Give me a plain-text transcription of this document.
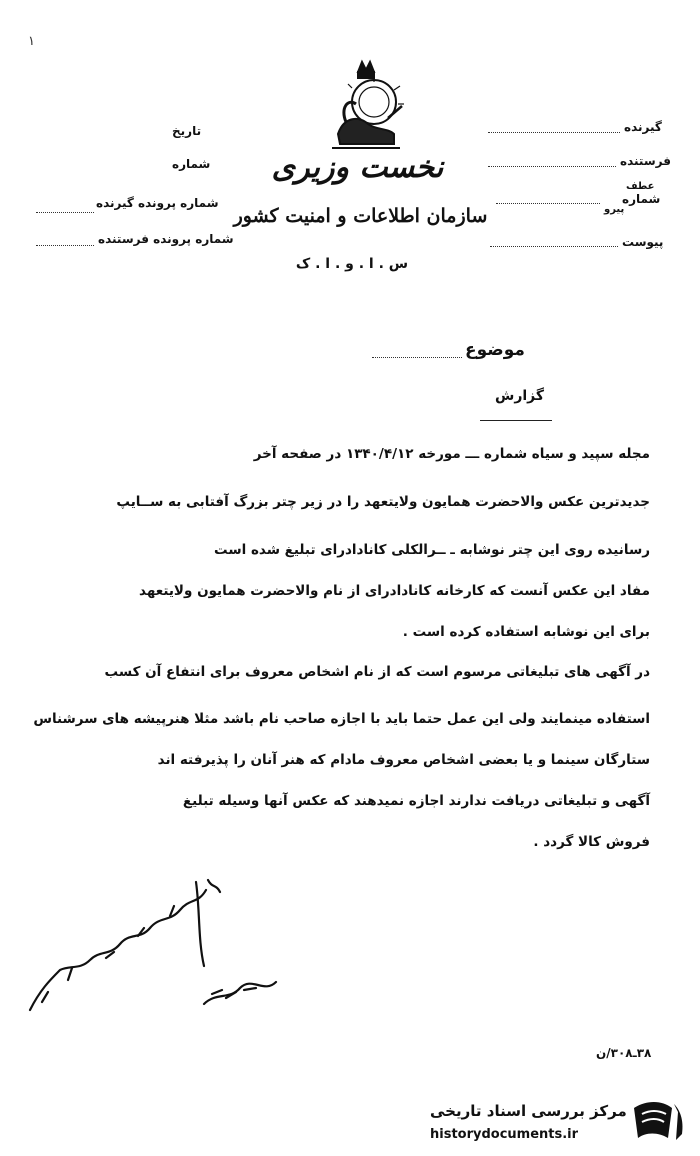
۱
نخست وزیری
سازمان اطلاعات و امنیت کشور
س . ا . و . ا . ک
تاریخ
شماره
شماره پرونده گیرنده
شماره پرونده فرستنده
گیرنده
فرستنده
عطف
شماره
پیرو
پیوست
موضوع
گزارش
مجله سپید و سیاه شماره ـــ مورخه ۱۳۴۰/۴/۱۲ در صفحه آخر
جدیدترین عکس والاحضرت همایون ولایتعهد را در زیر چتر بزرگ آفتابی به ســایپ
رسانیده روی این چتر نوشابه ـ ــرالکلی کانادادرای تبلیغ شده است
مفاد این عکس آنست که کارخانه کانادادرای از نام والاحضرت همایون ولایتعهد
برای این نوشابه استفاده کرده است .
در آگهی های تبلیغاتی مرسوم است که از نام اشخاص معروف برای انتفاع آن کسب
استفاده مینمایند ولی این عمل حتما باید با اجازه صاحب نام باشد مثلا هنرپیشه های سرشناس
ستارگان سینما و یا بعضی اشخاص معروف مادام که هنر آنان را پذیرفته اند
آگهی و تبلیغاتی دریافت ندارند اجازه نمیدهند که عکس آنها وسیله تبلیغ
فروش کالا گردد .
۳۸ـ۳۰۸/ن
مرکز بررسی اسناد تاریخی
historydocuments.ir
